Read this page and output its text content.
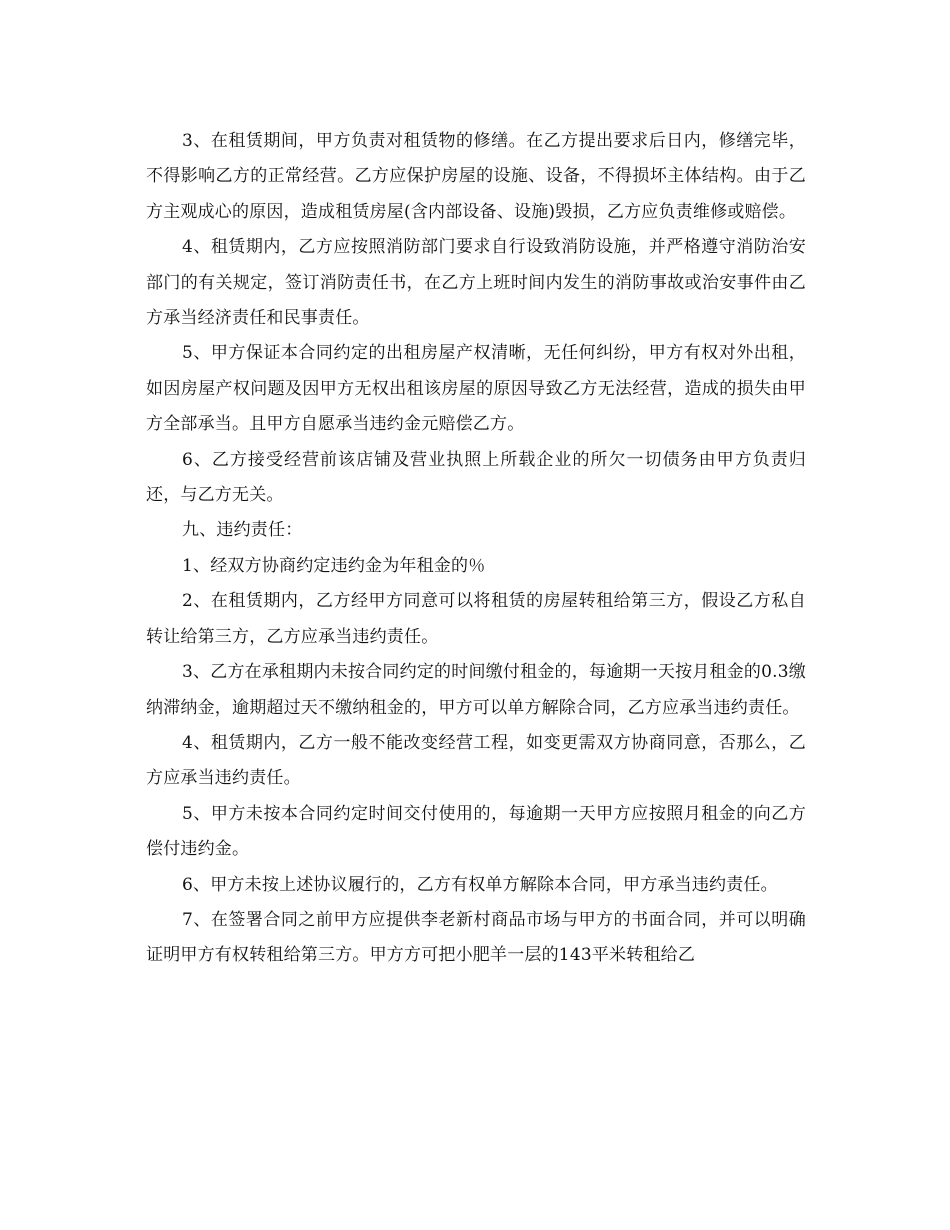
3、在租赁期间，甲方负责对租赁物的修缮。在乙方提出要求后日内，修缮完毕，不得影响乙方的正常经营。乙方应保护房屋的设施、设备，不得损坏主体结构。由于乙方主观成心的原因，造成租赁房屋(含内部设备、设施)毁损，乙方应负责维修或赔偿。

4、租赁期内，乙方应按照消防部门要求自行设致消防设施，并严格遵守消防治安部门的有关规定，签订消防责任书，在乙方上班时间内发生的消防事故或治安事件由乙方承当经济责任和民事责任。

5、甲方保证本合同约定的出租房屋产权清晰，无任何纠纷，甲方有权对外出租，如因房屋产权问题及因甲方无权出租该房屋的原因导致乙方无法经营，造成的损失由甲方全部承当。且甲方自愿承当违约金元赔偿乙方。

6、乙方接受经营前该店铺及营业执照上所载企业的所欠一切债务由甲方负责归还，与乙方无关。

九、违约责任：

1、经双方协商约定违约金为年租金的％

2、在租赁期内，乙方经甲方同意可以将租赁的房屋转租给第三方，假设乙方私自转让给第三方，乙方应承当违约责任。

3、乙方在承租期内未按合同约定的时间缴付租金的，每逾期一天按月租金的0.3缴纳滞纳金，逾期超过天不缴纳租金的，甲方可以单方解除合同，乙方应承当违约责任。

4、租赁期内，乙方一般不能改变经营工程，如变更需双方协商同意，否那么，乙方应承当违约责任。

5、甲方未按本合同约定时间交付使用的，每逾期一天甲方应按照月租金的向乙方偿付违约金。

6、甲方未按上述协议履行的，乙方有权单方解除本合同，甲方承当违约责任。

7、在签署合同之前甲方应提供李老新村商品市场与甲方的书面合同，并可以明确证明甲方有权转租给第三方。甲方方可把小肥羊一层的143平米转租给乙
